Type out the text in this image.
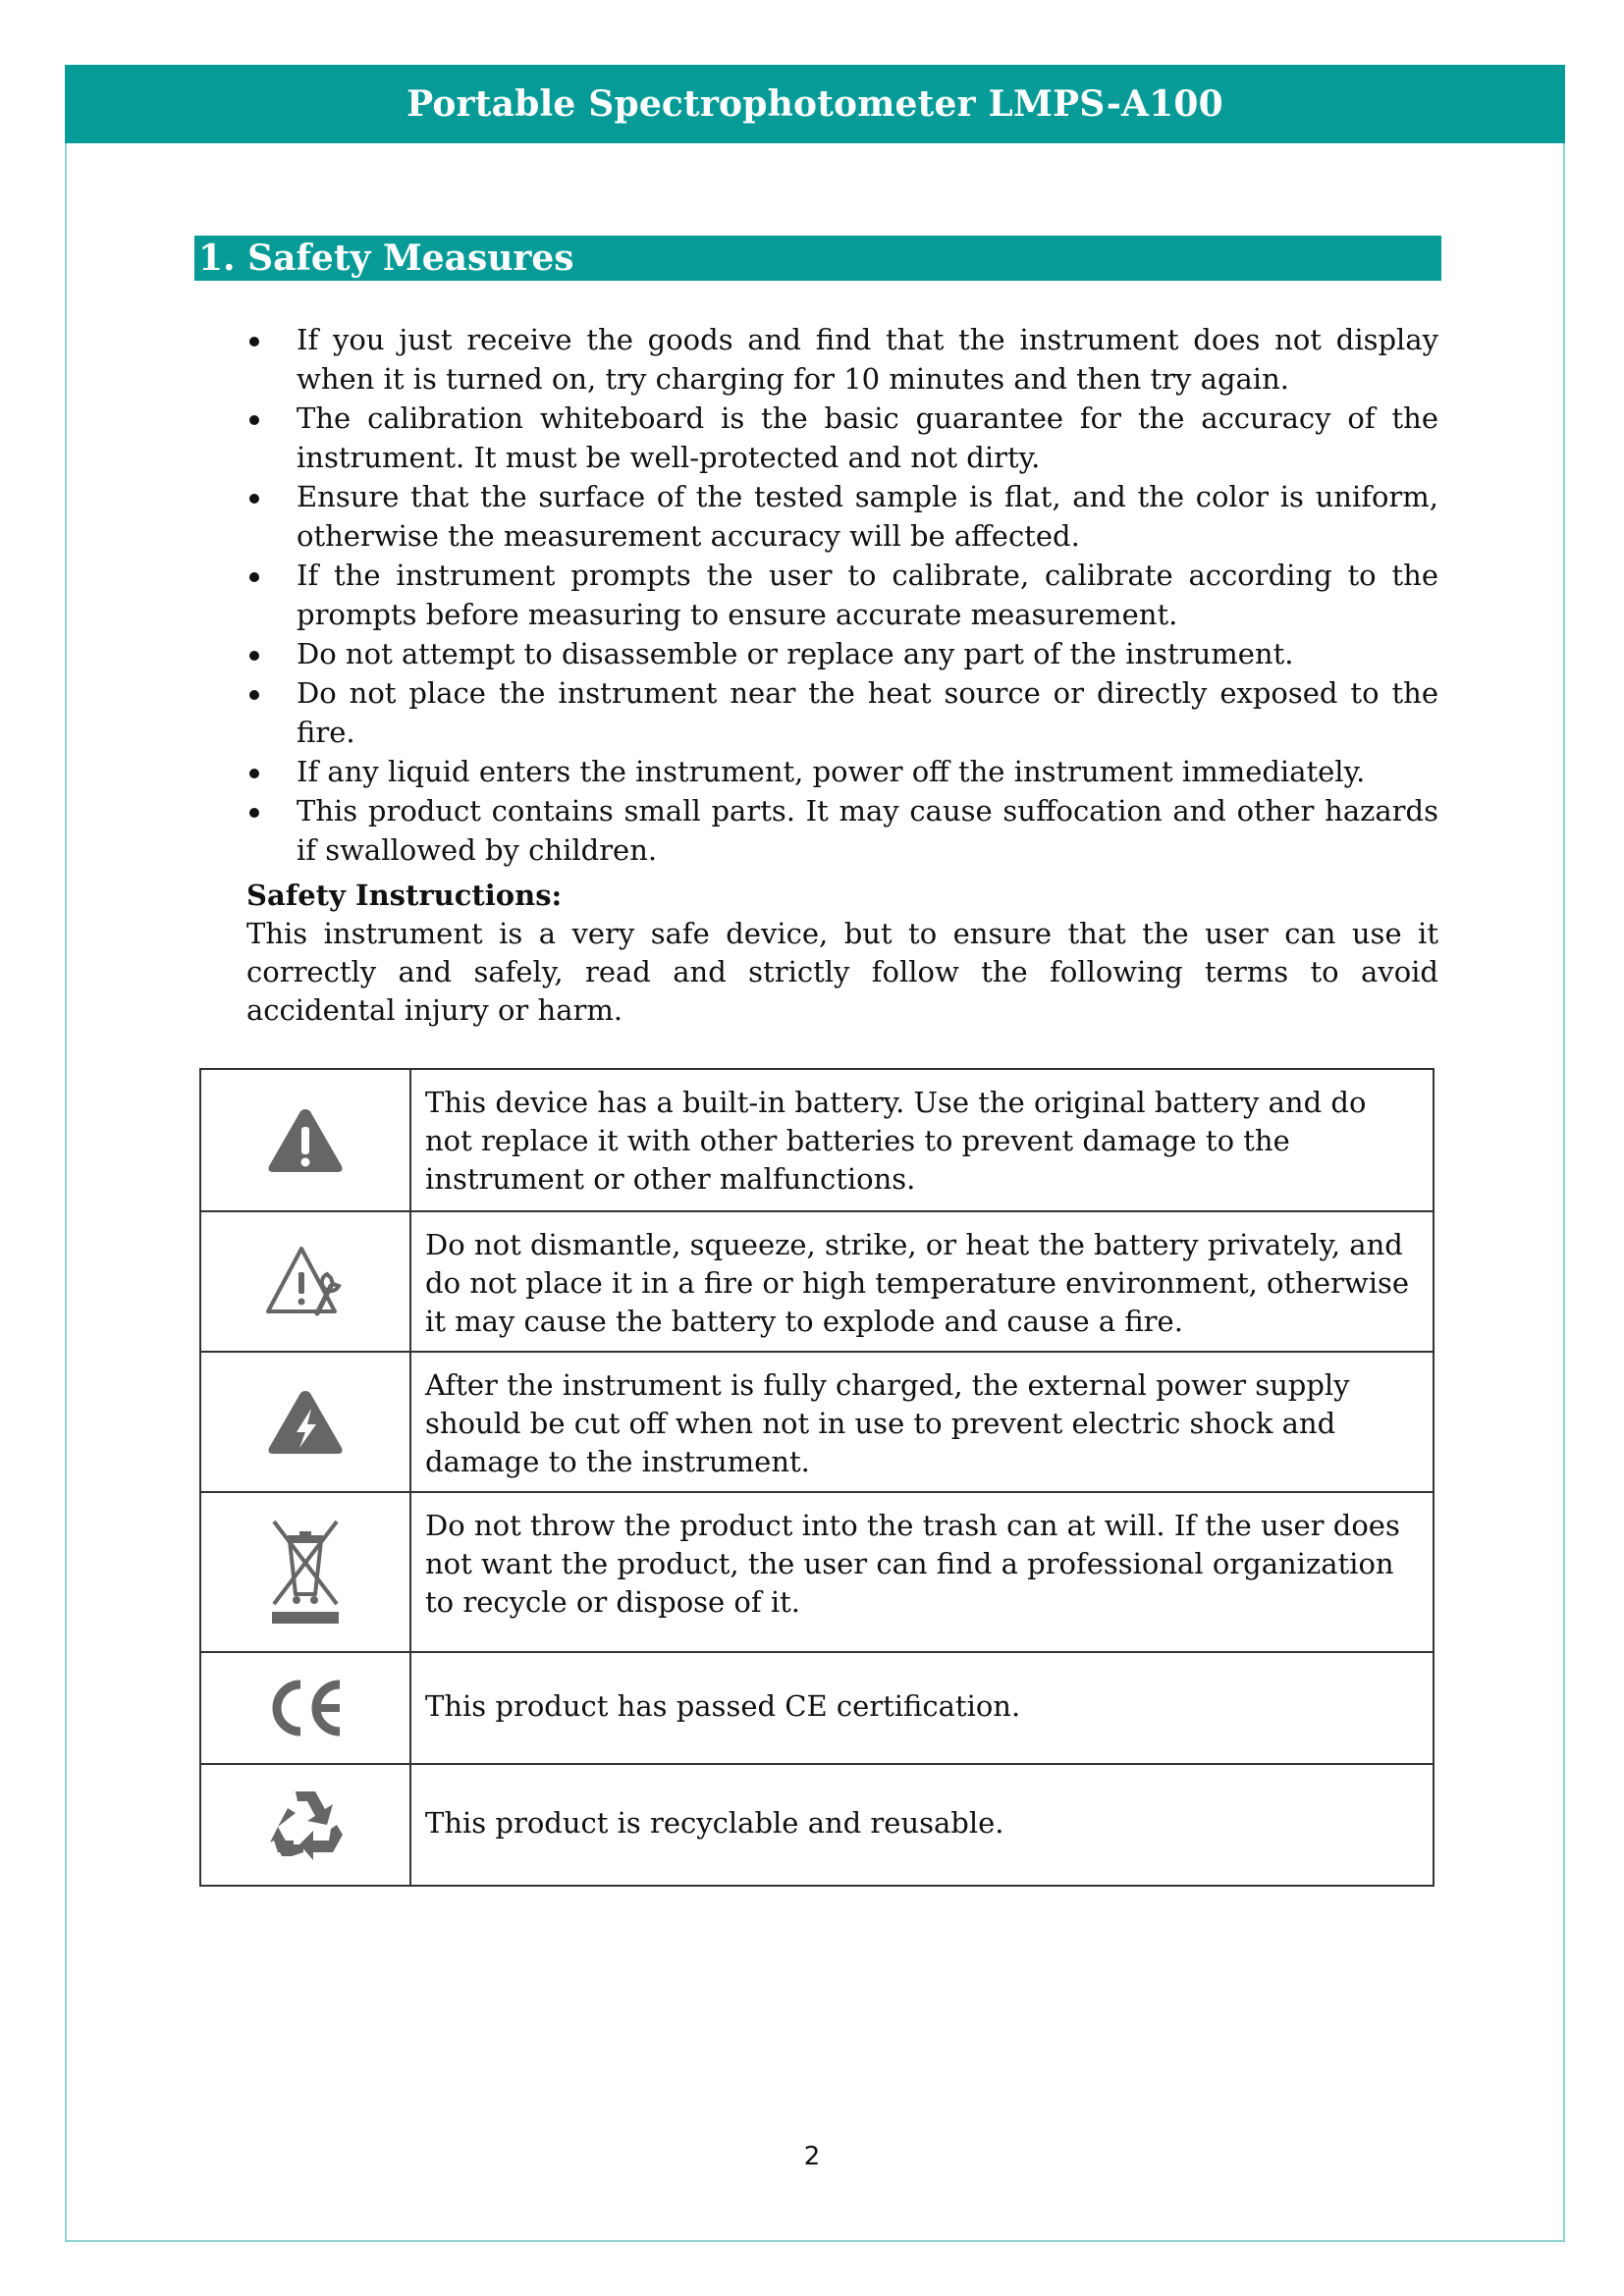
Portable Spectrophotometer LMPS-A100
1. Safety Measures
If you just receive the goods and find that the instrument does not display when it is turned on, try charging for 10 minutes and then try again.
The calibration whiteboard is the basic guarantee for the accuracy of the instrument. It must be well-protected and not dirty.
Ensure that the surface of the tested sample is flat, and the color is uniform, otherwise the measurement accuracy will be affected.
If the instrument prompts the user to calibrate, calibrate according to the prompts before measuring to ensure accurate measurement.
Do not attempt to disassemble or replace any part of the instrument.
Do not place the instrument near the heat source or directly exposed to the fire.
If any liquid enters the instrument, power off the instrument immediately.
This product contains small parts. It may cause suffocation and other hazards if swallowed by children.
Safety Instructions:

This instrument is a very safe device, but to ensure that the user can use it correctly and safely, read and strictly follow the following terms to avoid accidental injury or harm.

	This device has a built-in battery. Use the original battery and do not replace it with other batteries to prevent damage to the instrument or other malfunctions.

	Do not dismantle, squeeze, strike, or heat the battery privately, and do not place it in a fire or high temperature environment, otherwise it may cause the battery to explode and cause a fire.

	After the instrument is fully charged, the external power supply should be cut off when not in use to prevent electric shock and damage to the instrument.

	Do not throw the product into the trash can at will. If the user does not want the product, the user can find a professional organization to recycle or dispose of it.

	This product has passed CE certification.

	This product is recyclable and reusable.
2
